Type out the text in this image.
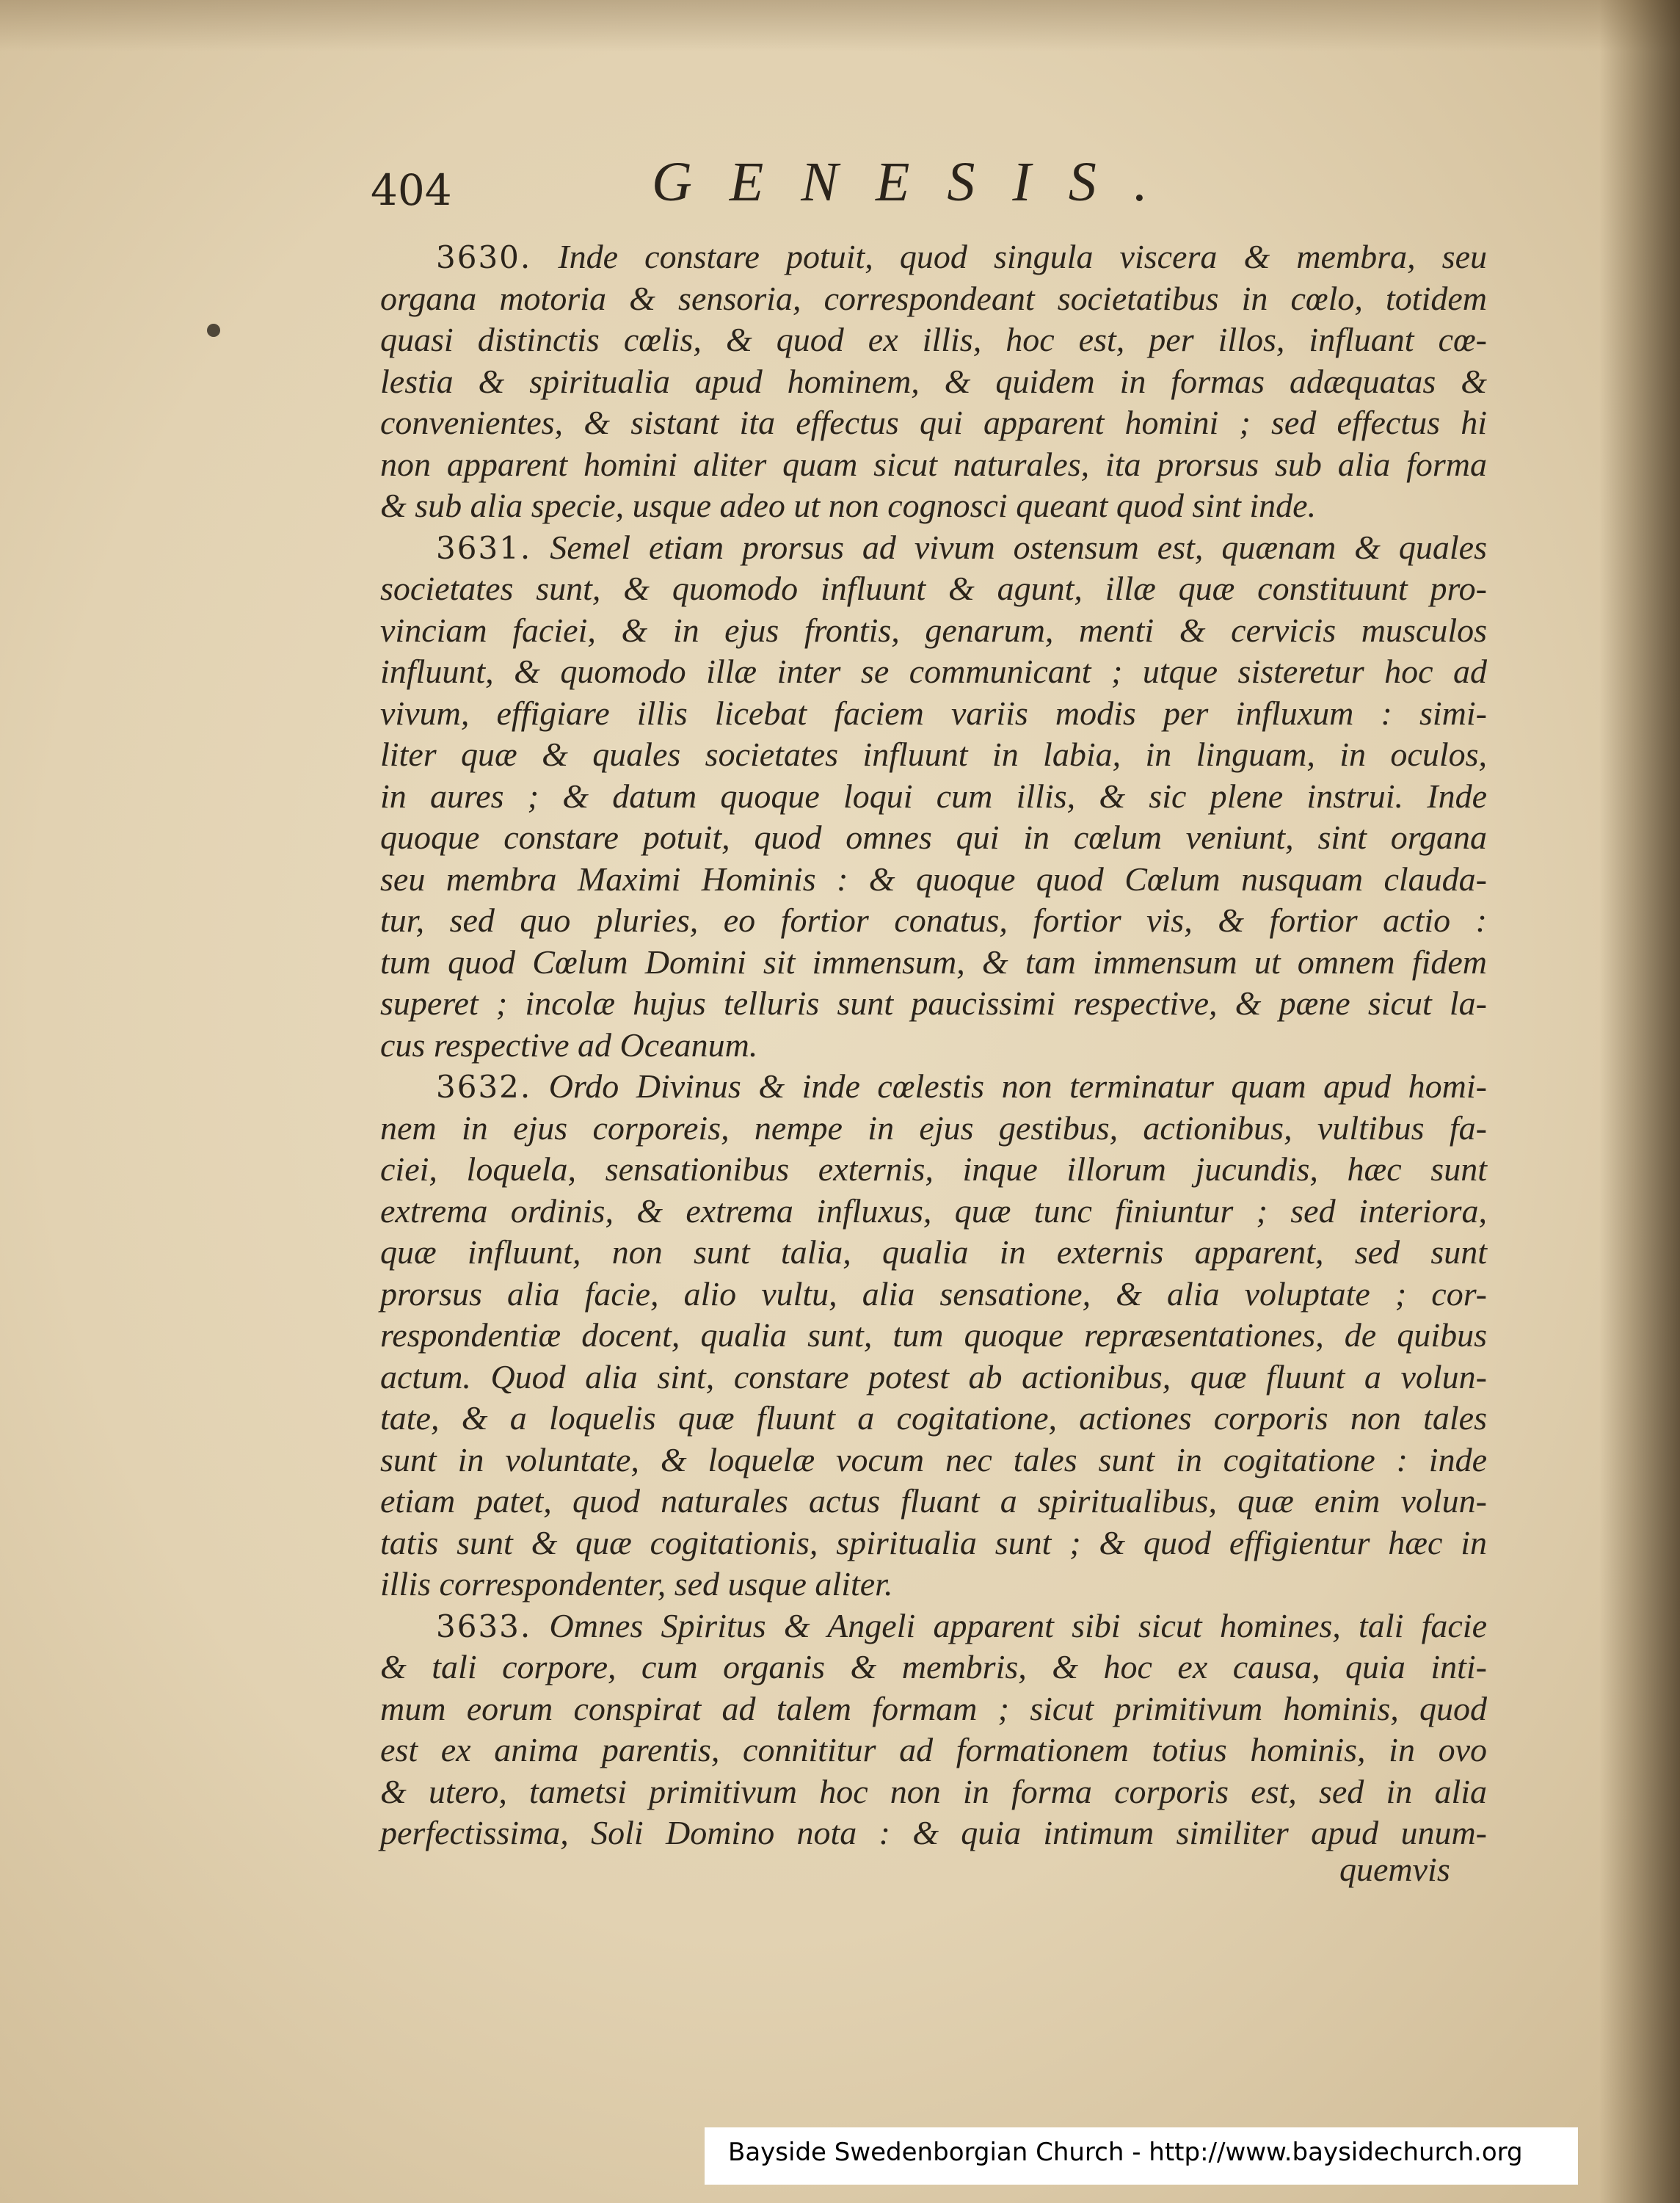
404	GENESIS.
3630. Inde constare potuit, quod singula viscera & membra, seu
organa motoria & sensoria, correspondeant societatibus in cœlo, totidem
quasi distinctis cœlis, & quod ex illis, hoc est, per illos, influant cœ-
lestia & spiritualia apud hominem, & quidem in formas adæquatas &
convenientes, & sistant ita effectus qui apparent homini ; sed effectus hi
non apparent homini aliter quam sicut naturales, ita prorsus sub alia forma
& sub alia specie, usque adeo ut non cognosci queant quod sint inde.
3631. Semel etiam prorsus ad vivum ostensum est, quænam & quales
societates sunt, & quomodo influunt & agunt, illæ quæ constituunt pro-
vinciam faciei, & in ejus frontis, genarum, menti & cervicis musculos
influunt, & quomodo illæ inter se communicant ; utque sisteretur hoc ad
vivum, effigiare illis licebat faciem variis modis per influxum : simi-
liter quæ & quales societates influunt in labia, in linguam, in oculos,
in aures ; & datum quoque loqui cum illis, & sic plene instrui. Inde
quoque constare potuit, quod omnes qui in cœlum veniunt, sint organa
seu membra Maximi Hominis : & quoque quod Cœlum nusquam clauda-
tur, sed quo pluries, eo fortior conatus, fortior vis, & fortior actio :
tum quod Cœlum Domini sit immensum, & tam immensum ut omnem fidem
superet ; incolæ hujus telluris sunt paucissimi respective, & pæne sicut la-
cus respective ad Oceanum.
3632. Ordo Divinus & inde cœlestis non terminatur quam apud homi-
nem in ejus corporeis, nempe in ejus gestibus, actionibus, vultibus fa-
ciei, loquela, sensationibus externis, inque illorum jucundis, hæc sunt
extrema ordinis, & extrema influxus, quæ tunc finiuntur ; sed interiora,
quæ influunt, non sunt talia, qualia in externis apparent, sed sunt
prorsus alia facie, alio vultu, alia sensatione, & alia voluptate ; cor-
respondentiæ docent, qualia sunt, tum quoque repræsentationes, de quibus
actum. Quod alia sint, constare potest ab actionibus, quæ fluunt a volun-
tate, & a loquelis quæ fluunt a cogitatione, actiones corporis non tales
sunt in voluntate, & loquelæ vocum nec tales sunt in cogitatione : inde
etiam patet, quod naturales actus fluant a spiritualibus, quæ enim volun-
tatis sunt & quæ cogitationis, spiritualia sunt ; & quod effigientur hæc in
illis correspondenter, sed usque aliter.
3633. Omnes Spiritus & Angeli apparent sibi sicut homines, tali facie
& tali corpore, cum organis & membris, & hoc ex causa, quia inti-
mum eorum conspirat ad talem formam ; sicut primitivum hominis, quod
est ex anima parentis, connititur ad formationem totius hominis, in ovo
& utero, tametsi primitivum hoc non in forma corporis est, sed in alia
perfectissima, Soli Domino nota : & quia intimum similiter apud unum-
quemvis
Bayside Swedenborgian Church - http://www.baysidechurch.org
